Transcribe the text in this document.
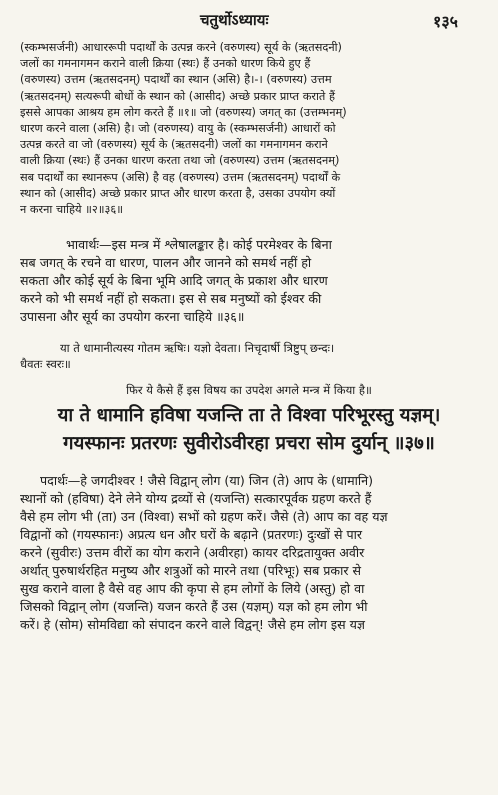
चतुर्थोऽध्यायः	१३५
(स्कम्भसर्जनी) आधाररूपी पदार्थों के उत्पन्न करने (वरुणस्य) सूर्य के (ऋतसदनी)
जलों का गमनागमन कराने वाली क्रिया (स्थः) हैं उनको धारण किये हुए हैं
(वरुणस्य) उत्तम (ऋतसदनम्) पदार्थों का स्थान (असि) है।-। (वरुणस्य) उत्तम
(ऋतसदनम्) सत्यरूपी बोधों के स्थान को (आसीद) अच्छे प्रकार प्राप्त कराते हैं
इससे आपका आश्रय हम लोग करते हैं ॥१॥ जो (वरुणस्य) जगत् का (उत्तम्भनम्)
धारण करने वाला (असि) है। जो (वरुणस्य) वायु के (स्कम्भसर्जनी) आधारों को
उत्पन्न करते वा जो (वरुणस्य) सूर्य के (ऋतसदनी) जलों का गमनागमन कराने
वाली क्रिया (स्थः) हैं उनका धारण करता तथा जो (वरुणस्य) उत्तम (ऋतसदनम्)
सब पदार्थों का स्थानरूप (असि) है वह (वरुणस्य) उत्तम (ऋतसदनम्) पदार्थों के
स्थान को (आसीद) अच्छे प्रकार प्राप्त और धारण करता है, उसका उपयोग क्यों
न करना चाहिये ॥२॥३६॥
भावार्थः—इस मन्त्र में श्लेषालङ्कार है। कोई परमेश्वर के बिना
सब जगत् के रचने वा धारण, पालन और जानने को समर्थ नहीं हो
सकता और कोई सूर्य के बिना भूमि आदि जगत् के प्रकाश और धारण
करने को भी समर्थ नहीं हो सकता। इस से सब मनुष्यों को ईश्वर की
उपासना और सूर्य का उपयोग करना चाहिये ॥३६॥
या ते धामानीत्यस्य गोतम ऋषिः। यज्ञो देवता। निचृदार्षी त्रिष्टुप् छन्दः।
धैवतः स्वरः॥
फिर ये कैसे हैं इस विषय का उपदेश अगले मन्त्र में किया है॥
या ते धामानि हविषा यजन्ति ता ते विश्वा परिभूरस्तु यज्ञम्।
गयस्फानः प्रतरणः सुवीरोऽवीरहा प्रचरा सोम दुर्यान् ॥३७॥
पदार्थः—हे जगदीश्वर ! जैसे विद्वान् लोग (या) जिन (ते) आप के (धामानि)
स्थानों को (हविषा) देने लेने योग्य द्रव्यों से (यजन्ति) सत्कारपूर्वक ग्रहण करते हैं
वैसे हम लोग भी (ता) उन (विश्वा) सभों को ग्रहण करें। जैसे (ते) आप का वह यज्ञ
विद्वानों को (गयस्फानः) अप्रत्य धन और घरों के बढ़ाने (प्रतरणः) दुःखों से पार
करने (सुवीरः) उत्तम वीरों का योग कराने (अवीरहा) कायर दरिद्रतायुक्त अवीर
अर्थात् पुरुषार्थरहित मनुष्य और शत्रुओं को मारने तथा (परिभूः) सब प्रकार से
सुख कराने वाला है वैसे वह आप की कृपा से हम लोगों के लिये (अस्तु) हो वा
जिसको विद्वान् लोग (यजन्ति) यजन करते हैं उस (यज्ञम्) यज्ञ को हम लोग भी
करें। हे (सोम) सोमविद्या को संपादन करने वाले विद्वन्! जैसे हम लोग इस यज्ञ
